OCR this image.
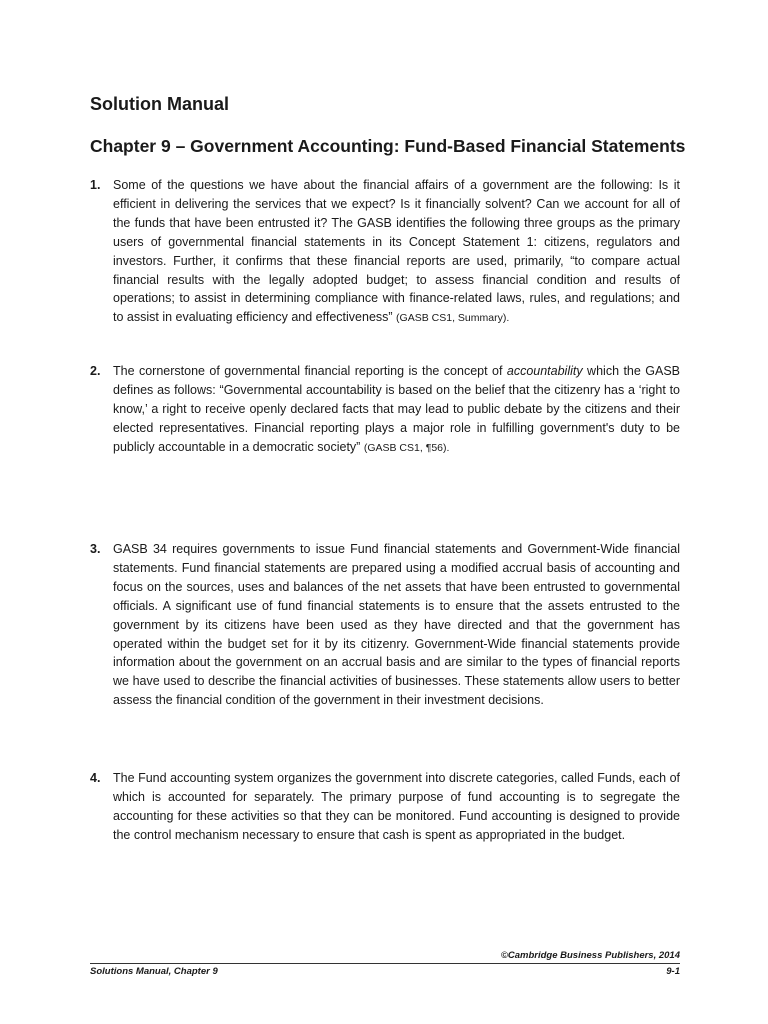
Solution Manual
Chapter 9 – Government Accounting: Fund-Based Financial Statements
1. Some of the questions we have about the financial affairs of a government are the following: Is it efficient in delivering the services that we expect? Is it financially solvent? Can we account for all of the funds that have been entrusted it? The GASB identifies the following three groups as the primary users of governmental financial statements in its Concept Statement 1: citizens, regulators and investors. Further, it confirms that these financial reports are used, primarily, “to compare actual financial results with the legally adopted budget; to assess financial condition and results of operations; to assist in determining compliance with finance-related laws, rules, and regulations; and to assist in evaluating efficiency and effectiveness” (GASB CS1, Summary).

2. The cornerstone of governmental financial reporting is the concept of accountability which the GASB defines as follows: “Governmental accountability is based on the belief that the citizenry has a ‘right to know,’ a right to receive openly declared facts that may lead to public debate by the citizens and their elected representatives. Financial reporting plays a major role in fulfilling government's duty to be publicly accountable in a democratic society” (GASB CS1, ¶56).

3. GASB 34 requires governments to issue Fund financial statements and Government-Wide financial statements. Fund financial statements are prepared using a modified accrual basis of accounting and focus on the sources, uses and balances of the net assets that have been entrusted to governmental officials. A significant use of fund financial statements is to ensure that the assets entrusted to the government by its citizens have been used as they have directed and that the government has operated within the budget set for it by its citizenry. Government-Wide financial statements provide information about the government on an accrual basis and are similar to the types of financial reports we have used to describe the financial activities of businesses. These statements allow users to better assess the financial condition of the government in their investment decisions.

4. The Fund accounting system organizes the government into discrete categories, called Funds, each of which is accounted for separately. The primary purpose of fund accounting is to segregate the accounting for these activities so that they can be monitored. Fund accounting is designed to provide the control mechanism necessary to ensure that cash is spent as appropriated in the budget.

©Cambridge Business Publishers, 2014
Solutions Manual, Chapter 9	9-1
